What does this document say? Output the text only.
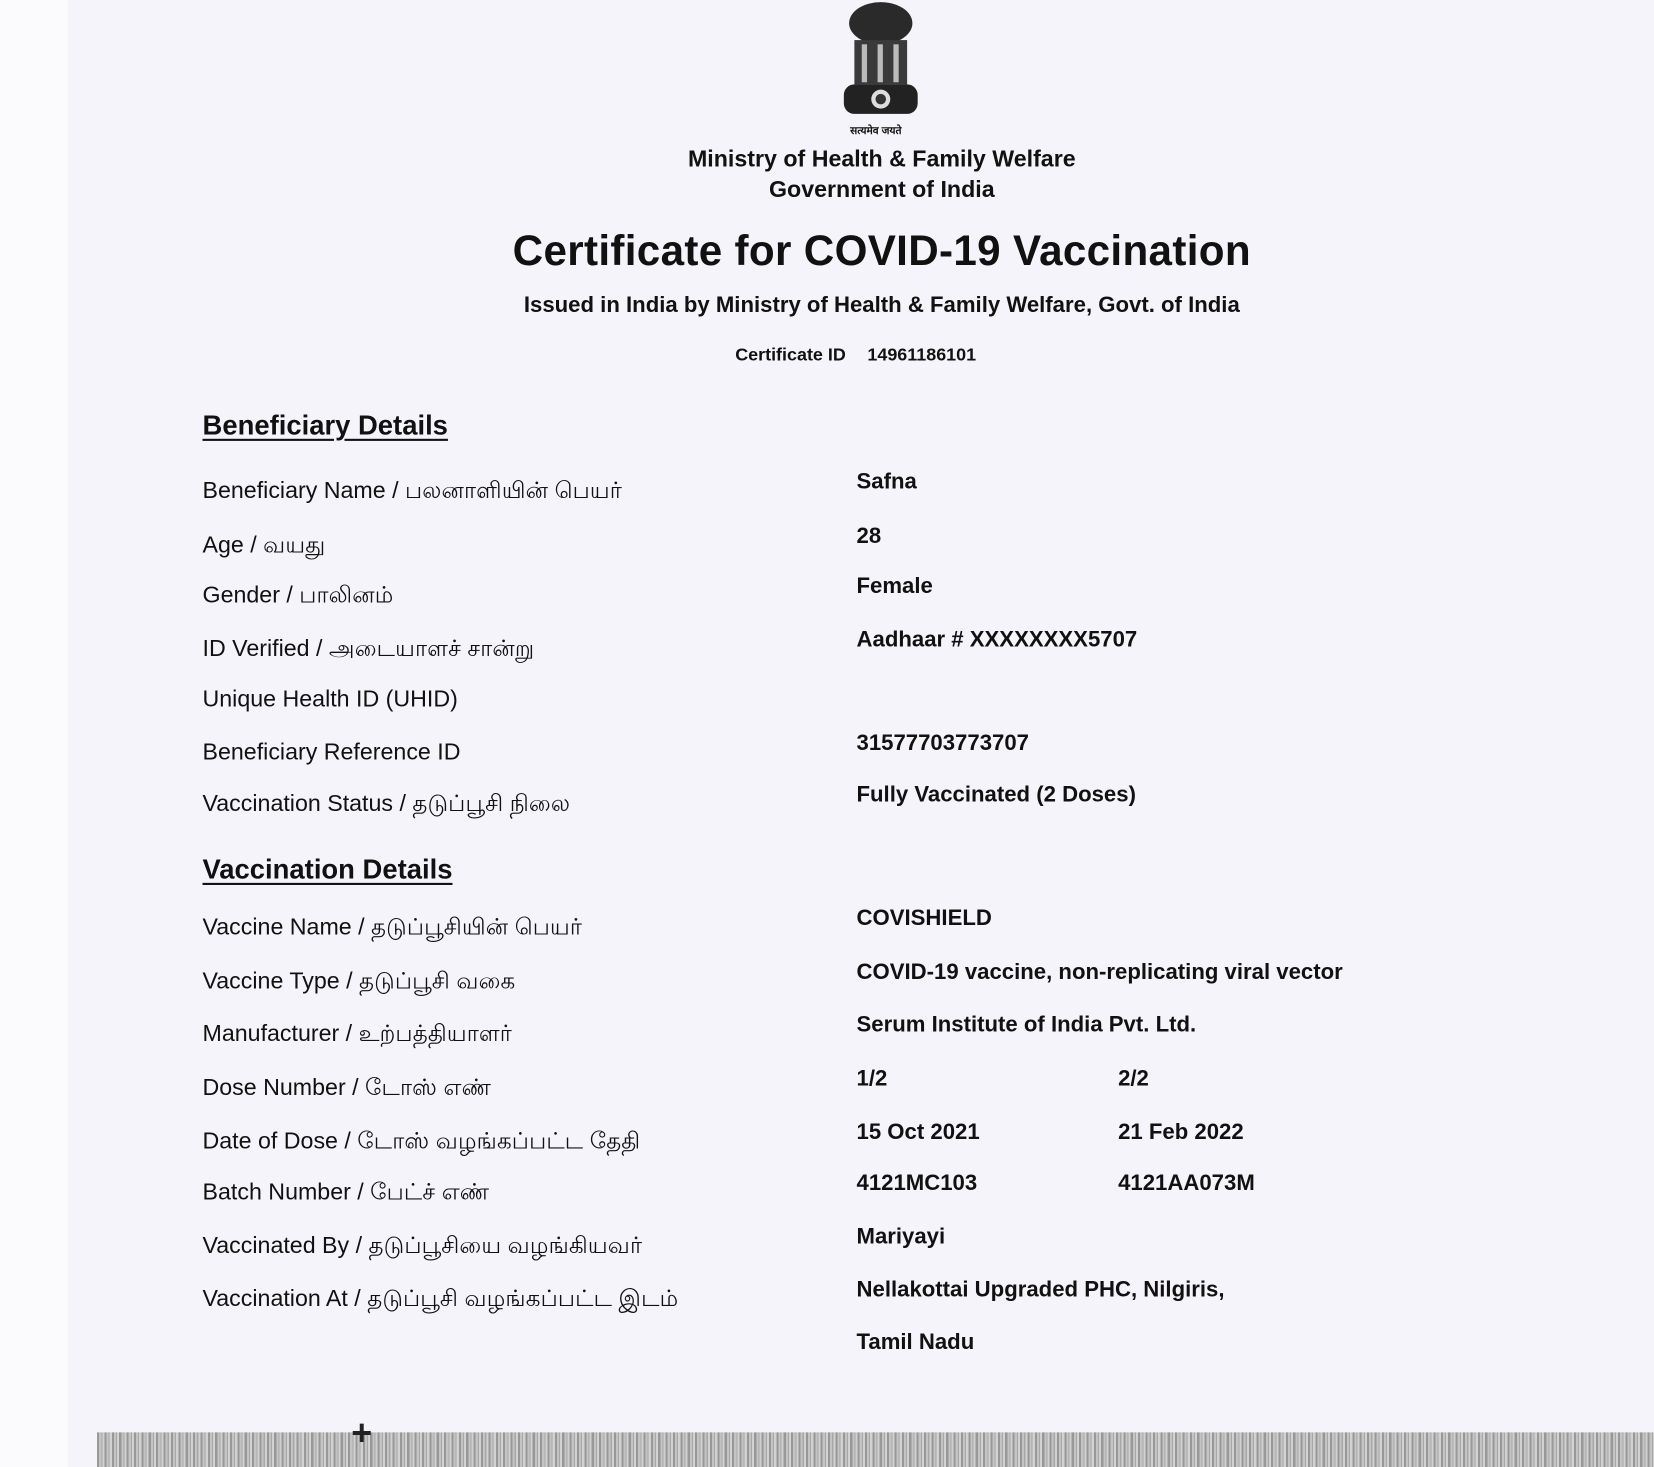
सत्यमेव जयते
Ministry of Health & Family Welfare
Government of India
Certificate for COVID-19 Vaccination
Issued in India by Ministry of Health & Family Welfare, Govt. of India
Certificate ID 14961186101
Beneficiary Details
Vaccination Details
+
Beneficiary Name / பலனாளியின் பெயர்	Safna
Age / வயது	28
Gender / பாலினம்	Female
ID Verified / அடையாளச் சான்று	Aadhaar # XXXXXXXX5707
Unique Health ID (UHID)
Beneficiary Reference ID	31577703773707
Vaccination Status / தடுப்பூசி நிலை	Fully Vaccinated (2 Doses)
Vaccine Name / தடுப்பூசியின் பெயர்	COVISHIELD
Vaccine Type / தடுப்பூசி வகை	COVID-19 vaccine, non-replicating viral vector
Manufacturer / உற்பத்தியாளர்	Serum Institute of India Pvt. Ltd.
Dose Number / டோஸ் எண்	1/2	2/2
Date of Dose / டோஸ் வழங்கப்பட்ட தேதி	15 Oct 2021	21 Feb 2022
Batch Number / பேட்ச் எண்	4121MC103	4121AA073M
Vaccinated By / தடுப்பூசியை வழங்கியவர்	Mariyayi
Vaccination At / தடுப்பூசி வழங்கப்பட்ட இடம்	Nellakottai Upgraded PHC, Nilgiris,
Tamil Nadu
